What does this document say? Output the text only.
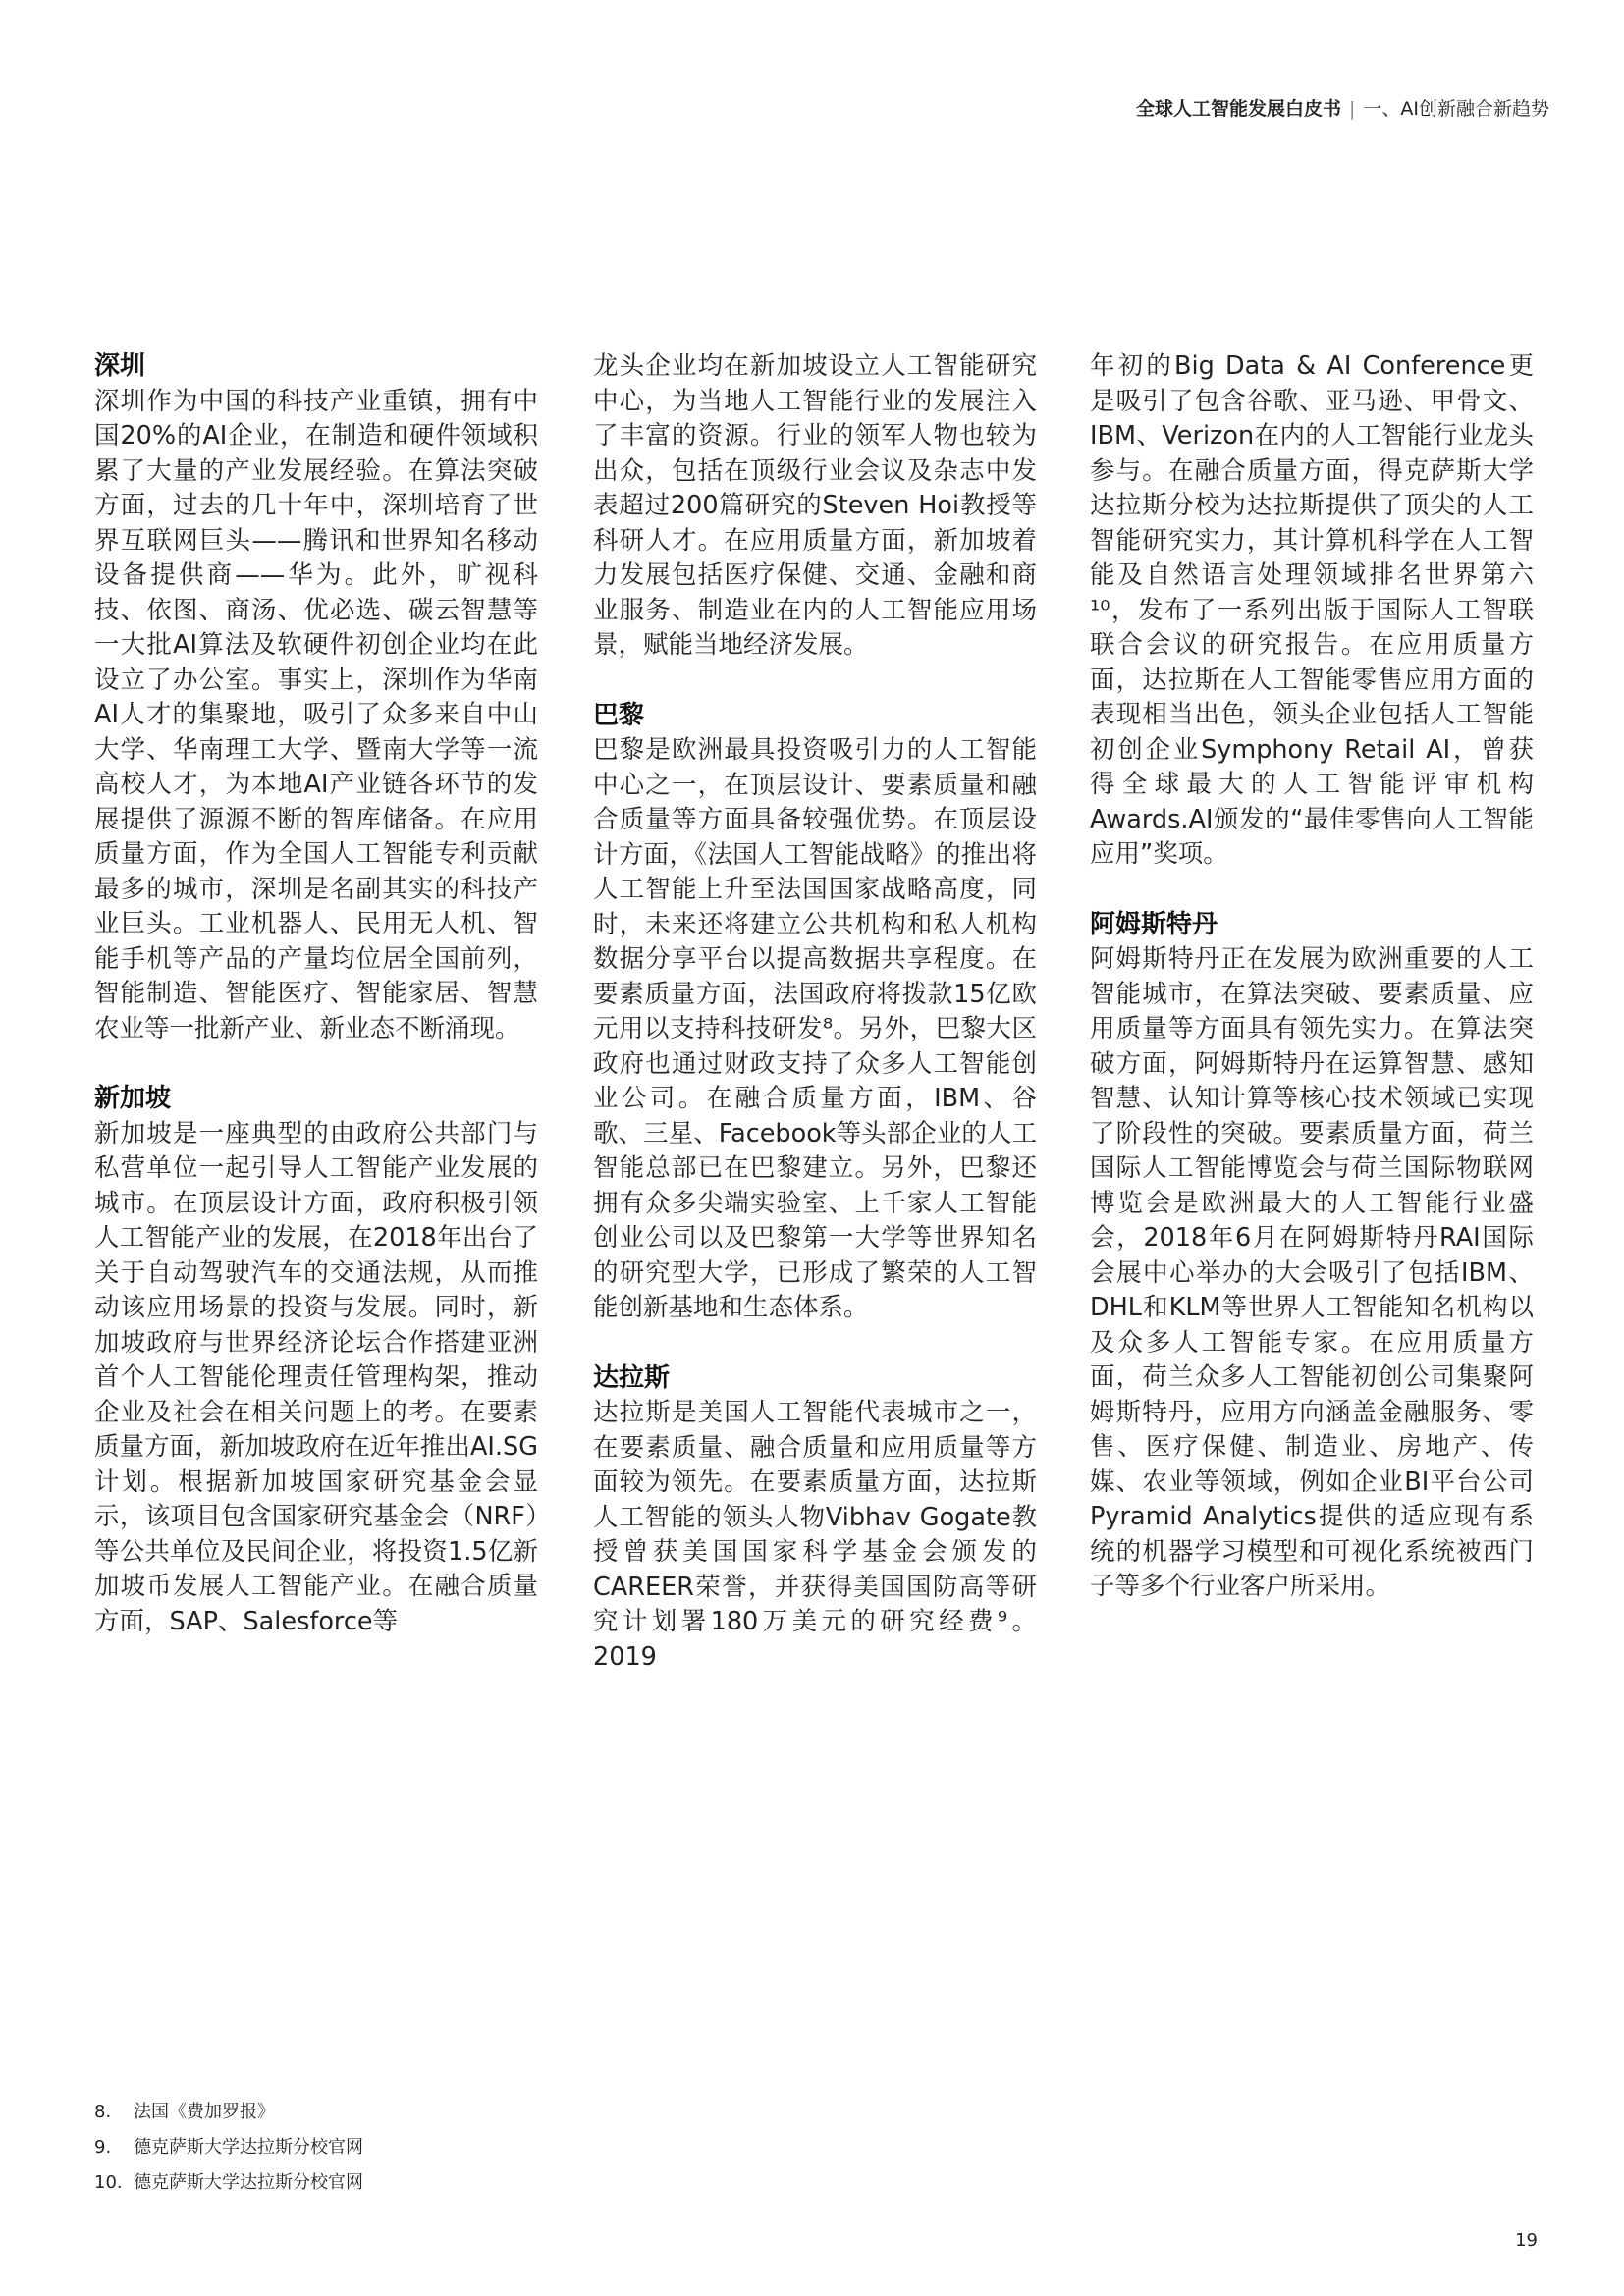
全球人工智能发展白皮书 | 一、AI创新融合新趋势
深圳

深圳作为中国的科技产业重镇，拥有中国20%的AI企业，在制造和硬件领域积累了大量的产业发展经验。在算法突破方面，过去的几十年中，深圳培育了世界互联网巨头——腾讯和世界知名移动设备提供商——华为。此外，旷视科技、依图、商汤、优必选、碳云智慧等一大批AI算法及软硬件初创企业均在此设立了办公室。事实上，深圳作为华南AI人才的集聚地，吸引了众多来自中山大学、华南理工大学、暨南大学等一流高校人才，为本地AI产业链各环节的发展提供了源源不断的智库储备。在应用质量方面，作为全国人工智能专利贡献最多的城市，深圳是名副其实的科技产业巨头。工业机器人、民用无人机、智能手机等产品的产量均位居全国前列，智能制造、智能医疗、智能家居、智慧农业等一批新产业、新业态不断涌现。

新加坡

新加坡是一座典型的由政府公共部门与私营单位一起引导人工智能产业发展的城市。在顶层设计方面，政府积极引领人工智能产业的发展，在2018年出台了关于自动驾驶汽车的交通法规，从而推动该应用场景的投资与发展。同时，新加坡政府与世界经济论坛合作搭建亚洲首个人工智能伦理责任管理构架，推动企业及社会在相关问题上的考。在要素质量方面，新加坡政府在近年推出AI.SG计划。根据新加坡国家研究基金会显示，该项目包含国家研究基金会（NRF）等公共单位及民间企业，将投资1.5亿新加坡币发展人工智能产业。在融合质量方面，SAP、Salesforce等

龙头企业均在新加坡设立人工智能研究中心，为当地人工智能行业的发展注入了丰富的资源。行业的领军人物也较为出众，包括在顶级行业会议及杂志中发表超过200篇研究的Steven Hoi教授等科研人才。在应用质量方面，新加坡着力发展包括医疗保健、交通、金融和商业服务、制造业在内的人工智能应用场景，赋能当地经济发展。

巴黎

巴黎是欧洲最具投资吸引力的人工智能中心之一，在顶层设计、要素质量和融合质量等方面具备较强优势。在顶层设计方面，《法国人工智能战略》的推出将人工智能上升至法国国家战略高度，同时，未来还将建立公共机构和私人机构数据分享平台以提高数据共享程度。在要素质量方面，法国政府将拨款15亿欧元用以支持科技研发⁸。另外，巴黎大区政府也通过财政支持了众多人工智能创业公司。在融合质量方面，IBM、谷歌、三星、Facebook等头部企业的人工智能总部已在巴黎建立。另外，巴黎还拥有众多尖端实验室、上千家人工智能创业公司以及巴黎第一大学等世界知名的研究型大学，已形成了繁荣的人工智能创新基地和生态体系。

达拉斯

达拉斯是美国人工智能代表城市之一，在要素质量、融合质量和应用质量等方面较为领先。在要素质量方面，达拉斯人工智能的领头人物Vibhav Gogate教授曾获美国国家科学基金会颁发的CAREER荣誉，并获得美国国防高等研究计划署180万美元的研究经费⁹。2019

年初的Big Data & AI Conference更是吸引了包含谷歌、亚马逊、甲骨文、IBM、Verizon在内的人工智能行业龙头参与。在融合质量方面，得克萨斯大学达拉斯分校为达拉斯提供了顶尖的人工智能研究实力，其计算机科学在人工智能及自然语言处理领域排名世界第六¹⁰，发布了一系列出版于国际人工智联联合会议的研究报告。在应用质量方面，达拉斯在人工智能零售应用方面的表现相当出色，领头企业包括人工智能初创企业Symphony Retail AI，曾获得全球最大的人工智能评审机构Awards.AI颁发的“最佳零售向人工智能应用”奖项。

阿姆斯特丹

阿姆斯特丹正在发展为欧洲重要的人工智能城市，在算法突破、要素质量、应用质量等方面具有领先实力。在算法突破方面，阿姆斯特丹在运算智慧、感知智慧、认知计算等核心技术领域已实现了阶段性的突破。要素质量方面，荷兰国际人工智能博览会与荷兰国际物联网博览会是欧洲最大的人工智能行业盛会，2018年6月在阿姆斯特丹RAI国际会展中心举办的大会吸引了包括IBM、DHL和KLM等世界人工智能知名机构以及众多人工智能专家。在应用质量方面，荷兰众多人工智能初创公司集聚阿姆斯特丹，应用方向涵盖金融服务、零售、医疗保健、制造业、房地产、传媒、农业等领域，例如企业BI平台公司Pyramid Analytics提供的适应现有系统的机器学习模型和可视化系统被西门子等多个行业客户所采用。

8. 法国《费加罗报》
9. 德克萨斯大学达拉斯分校官网
10. 德克萨斯大学达拉斯分校官网
19
